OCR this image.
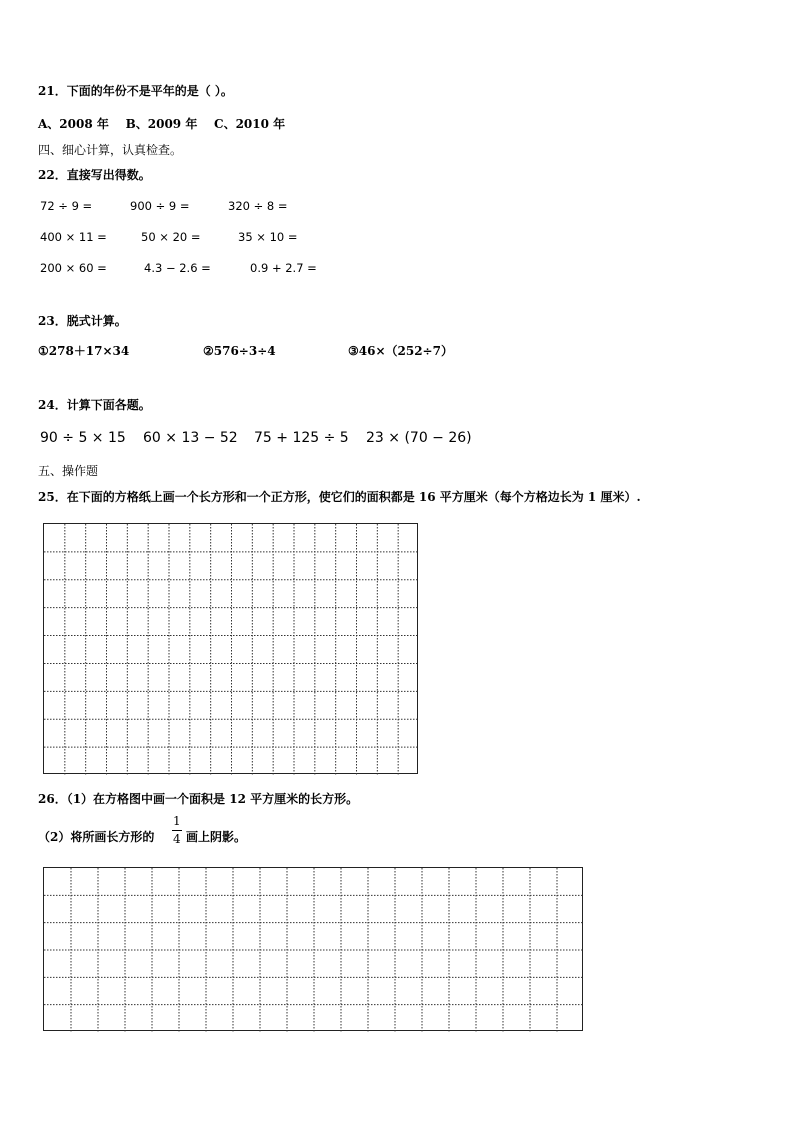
21．下面的年份不是平年的是（ ）。
A、2008 年    B、2009 年    C、2010 年
四、细心计算，认真检查。
22．直接写出得数。
72 ÷ 9 =	900 ÷ 9 =	320 ÷ 8 =
400 × 11 =	50 × 20 =	35 × 10 =
200 × 60 =	4.3 − 2.6 =	0.9 + 2.7 =
23．脱式计算。
①278＋17×34	②576÷3÷4	③46×（252÷7）
24．计算下面各题。
90 ÷ 5 × 15 60 × 13 − 52 75 + 125 ÷ 5 23 × (70 − 26)
五、操作题
25．在下面的方格纸上画一个长方形和一个正方形，使它们的面积都是 16 平方厘米（每个方格边长为 1 厘米）.
26．（1）在方格图中画一个面积是 12 平方厘米的长方形。
（2）将所画长方形的
1
4 画上阴影。
